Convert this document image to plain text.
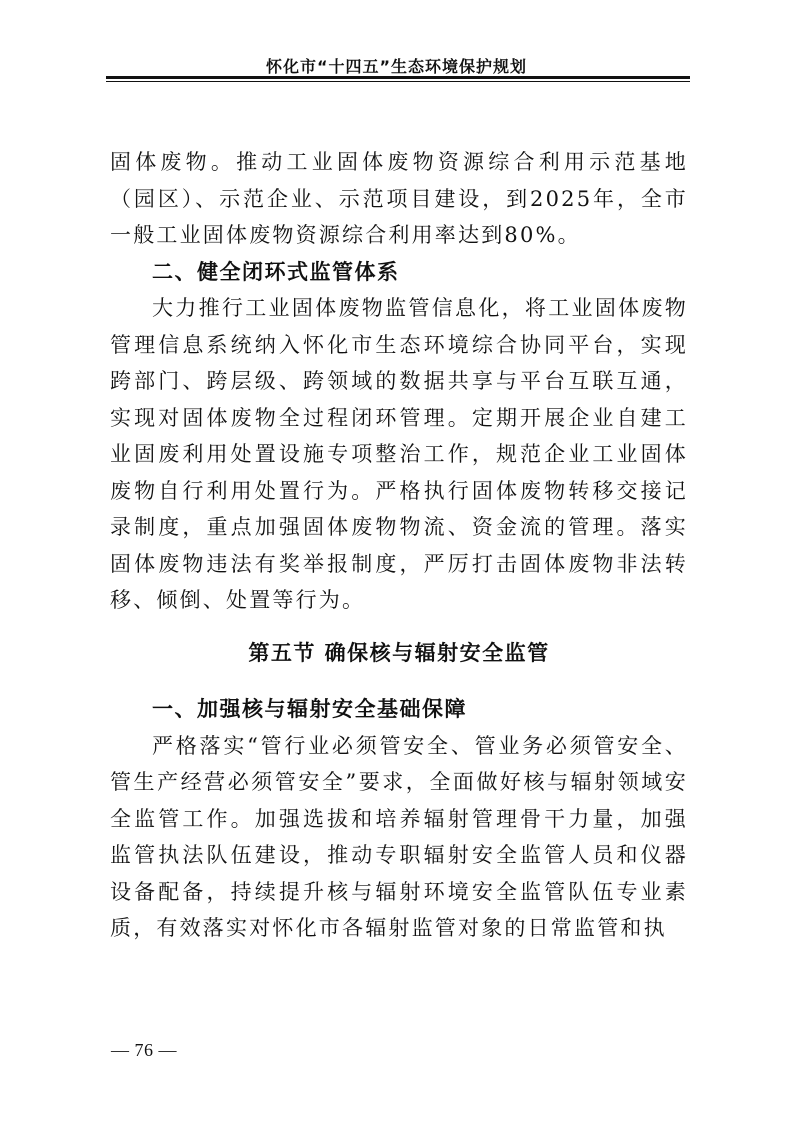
怀化市“十四五”生态环境保护规划

固体废物。推动工业固体废物资源综合利用示范基地（园区）、示范企业、示范项目建设，到2025年，全市一般工业固体废物资源综合利用率达到80%。

二、健全闭环式监管体系

大力推行工业固体废物监管信息化，将工业固体废物管理信息系统纳入怀化市生态环境综合协同平台，实现跨部门、跨层级、跨领域的数据共享与平台互联互通，实现对固体废物全过程闭环管理。定期开展企业自建工业固废利用处置设施专项整治工作，规范企业工业固体废物自行利用处置行为。严格执行固体废物转移交接记录制度，重点加强固体废物物流、资金流的管理。落实固体废物违法有奖举报制度，严厉打击固体废物非法转移、倾倒、处置等行为。

第五节 确保核与辐射安全监管

一、加强核与辐射安全基础保障

严格落实“管行业必须管安全、管业务必须管安全、管生产经营必须管安全”要求，全面做好核与辐射领域安全监管工作。加强选拔和培养辐射管理骨干力量，加强监管执法队伍建设，推动专职辐射安全监管人员和仪器设备配备，持续提升核与辐射环境安全监管队伍专业素质，有效落实对怀化市各辐射监管对象的日常监管和执

— 76 —
